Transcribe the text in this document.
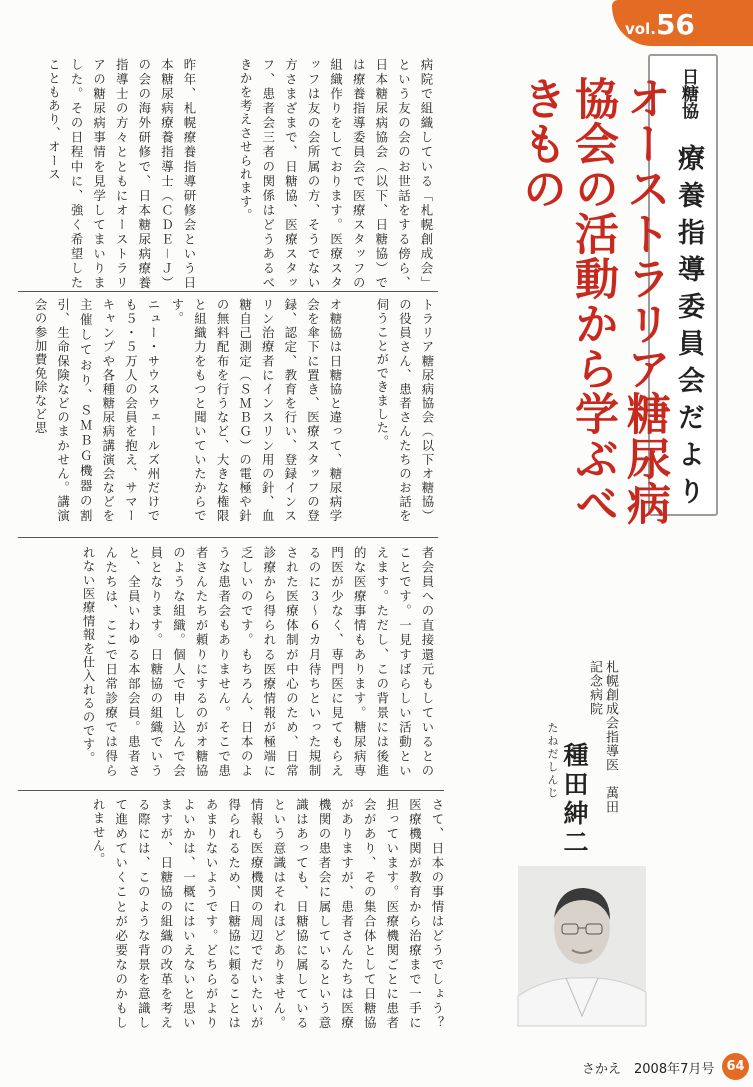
vol.56
日糖協
療養指導委員会だより
オーストラリア糖尿病協会の活動から学ぶべきもの
病院で組織している「札幌創成会」という友の会のお世話をする傍ら、日本糖尿病協会（以下、日糖協）では療養指導委員会で医療スタッフの組織作りをしております。医療スタッフは友の会所属の方、そうでない方さまざまで、日糖協、医療スタッフ、患者会三者の関係はどうあるべきかを考えさせられます。
昨年、札幌療養指導研修会という日本糖尿病療養指導士（ＣＤＥ－Ｊ）の会の海外研修で、日本糖尿病療養指導士の方々とともにオーストラリアの糖尿病事情を見学してまいりました。その日程中に、強く希望したこともあり、オース
トラリア糖尿病協会（以下オ糖協）の役員さん、患者さんたちのお話を伺うことができました。
オ糖協は日糖協と違って、糖尿病学会を傘下に置き、医療スタッフの登録、認定、教育を行い、登録インスリン治療者にインスリン用の針、血糖自己測定（ＳＭＢＧ）の電極や針の無料配布を行うなど、大きな権限と組織力をもつと聞いていたからです。
ニュー・サウスウェールズ州だけでも５・５万人の会員を抱え、サマーキャンプや各種糖尿病講演会などを主催しており、ＳＭＢＧ機器の割引、生命保険などのまかせん。講演会の参加費免除など思
者会員への直接還元もしているとのことです。一見すばらしい活動といえます。ただし、この背景には後進的な医療事情もあります。糖尿病専門医が少なく、専門医に見てもらえるのに３〜６カ月待ちといった規制された医療体制が中心のため、日常診療から得られる医療情報が極端に乏しいのです。もちろん、日本のような患者会もありません。そこで患者さんたちが頼りにするのがオ糖協のような組織。個人で申し込んで会員となります。日糖協の組織でいうと、全員いわゆる本部会員。患者さんたちは、ここで日常診療では得られない医療情報を仕入れるのです。
さて、日本の事情はどうでしょう？　医療機関が教育から治療まで一手に担っています。医療機関ごとに患者会があり、その集合体として日糖協がありますが、患者さんたちは医療機関の患者会に属しているという意識はあっても、日糖協に属しているという意識はそれほどありません。情報も医療機関の周辺でだいたいが得られるため、日糖協に頼ることはあまりないようです。どちらがよりよいかは、一概にはいえないと思いますが、日糖協の組織の改革を考える際には、このような背景を意識して進めていくことが必要なのかもしれません。
札幌創成会指導医　萬田記念病院
たねだしんじ 種田紳二
さかえ　2008年7月号 64
